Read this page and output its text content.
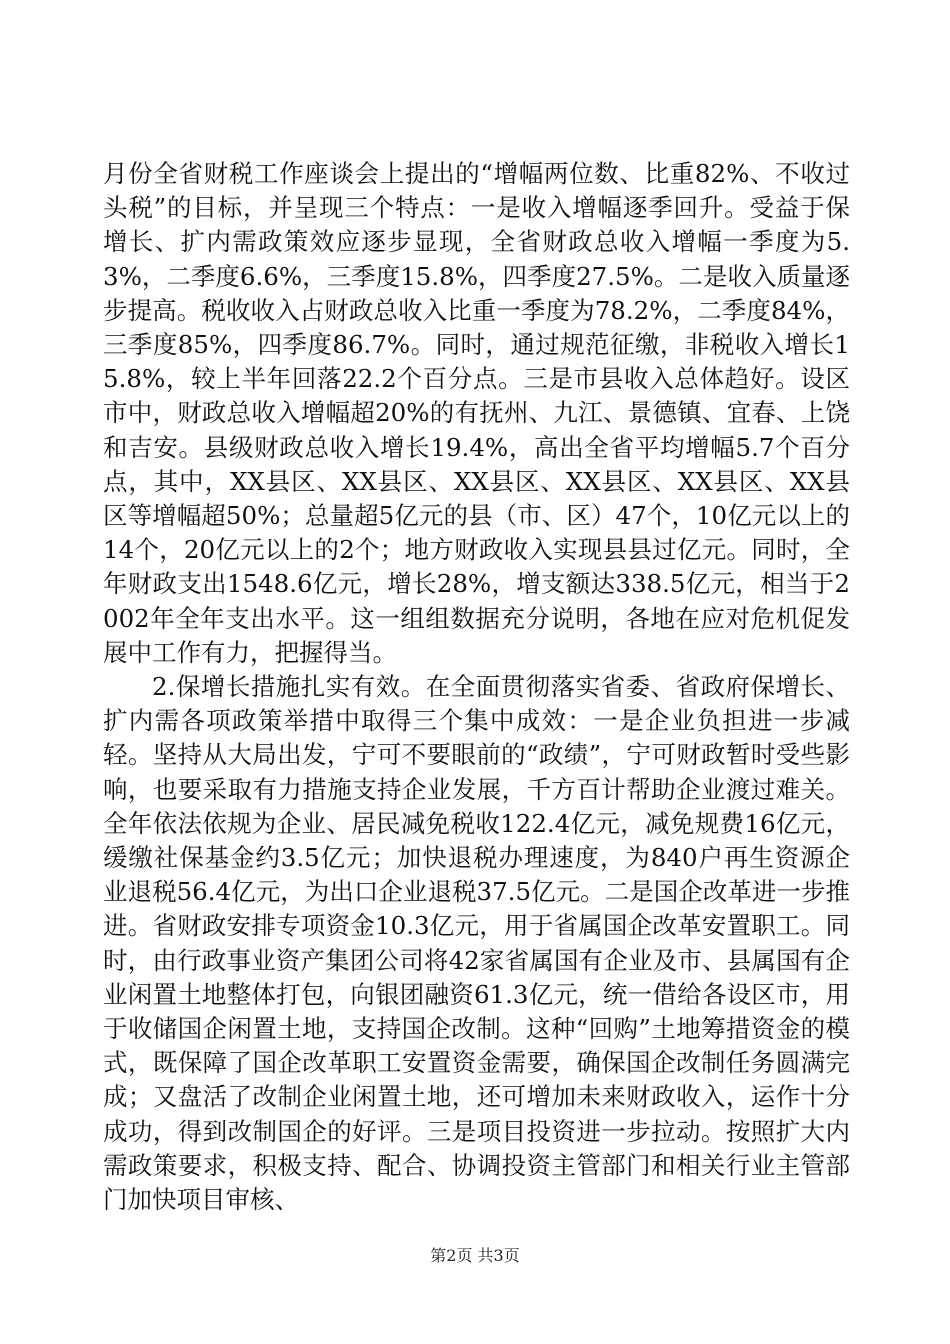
月份全省财税工作座谈会上提出的“增幅两位数、比重82%、不收过头税”的目标，并呈现三个特点：一是收入增幅逐季回升。受益于保增长、扩内需政策效应逐步显现，全省财政总收入增幅一季度为5.3%，二季度6.6%，三季度15.8%，四季度27.5%。二是收入质量逐步提高。税收收入占财政总收入比重一季度为78.2%，二季度84%，三季度85%，四季度86.7%。同时，通过规范征缴，非税收入增长15.8%，较上半年回落22.2个百分点。三是市县收入总体趋好。设区市中，财政总收入增幅超20%的有抚州、九江、景德镇、宜春、上饶和吉安。县级财政总收入增长19.4%，高出全省平均增幅5.7个百分点，其中，XX县区、XX县区、XX县区、XX县区、XX县区、XX县区等增幅超50%；总量超5亿元的县（市、区）47个，10亿元以上的14个，20亿元以上的2个；地方财政收入实现县县过亿元。同时，全年财政支出1548.6亿元，增长28%，增支额达338.5亿元，相当于2002年全年支出水平。这一组组数据充分说明，各地在应对危机促发展中工作有力，把握得当。

2.保增长措施扎实有效。在全面贯彻落实省委、省政府保增长、扩内需各项政策举措中取得三个集中成效：一是企业负担进一步减轻。坚持从大局出发，宁可不要眼前的“政绩”，宁可财政暂时受些影响，也要采取有力措施支持企业发展，千方百计帮助企业渡过难关。全年依法依规为企业、居民减免税收122.4亿元，减免规费16亿元，缓缴社保基金约3.5亿元；加快退税办理速度，为840户再生资源企业退税56.4亿元，为出口企业退税37.5亿元。二是国企改革进一步推进。省财政安排专项资金10.3亿元，用于省属国企改革安置职工。同时，由行政事业资产集团公司将42家省属国有企业及市、县属国有企业闲置土地整体打包，向银团融资61.3亿元，统一借给各设区市，用于收储国企闲置土地，支持国企改制。这种“回购”土地筹措资金的模式，既保障了国企改革职工安置资金需要，确保国企改制任务圆满完成；又盘活了改制企业闲置土地，还可增加未来财政收入，运作十分成功，得到改制国企的好评。三是项目投资进一步拉动。按照扩大内需政策要求，积极支持、配合、协调投资主管部门和相关行业主管部门加快项目审核、

第2页 共3页
